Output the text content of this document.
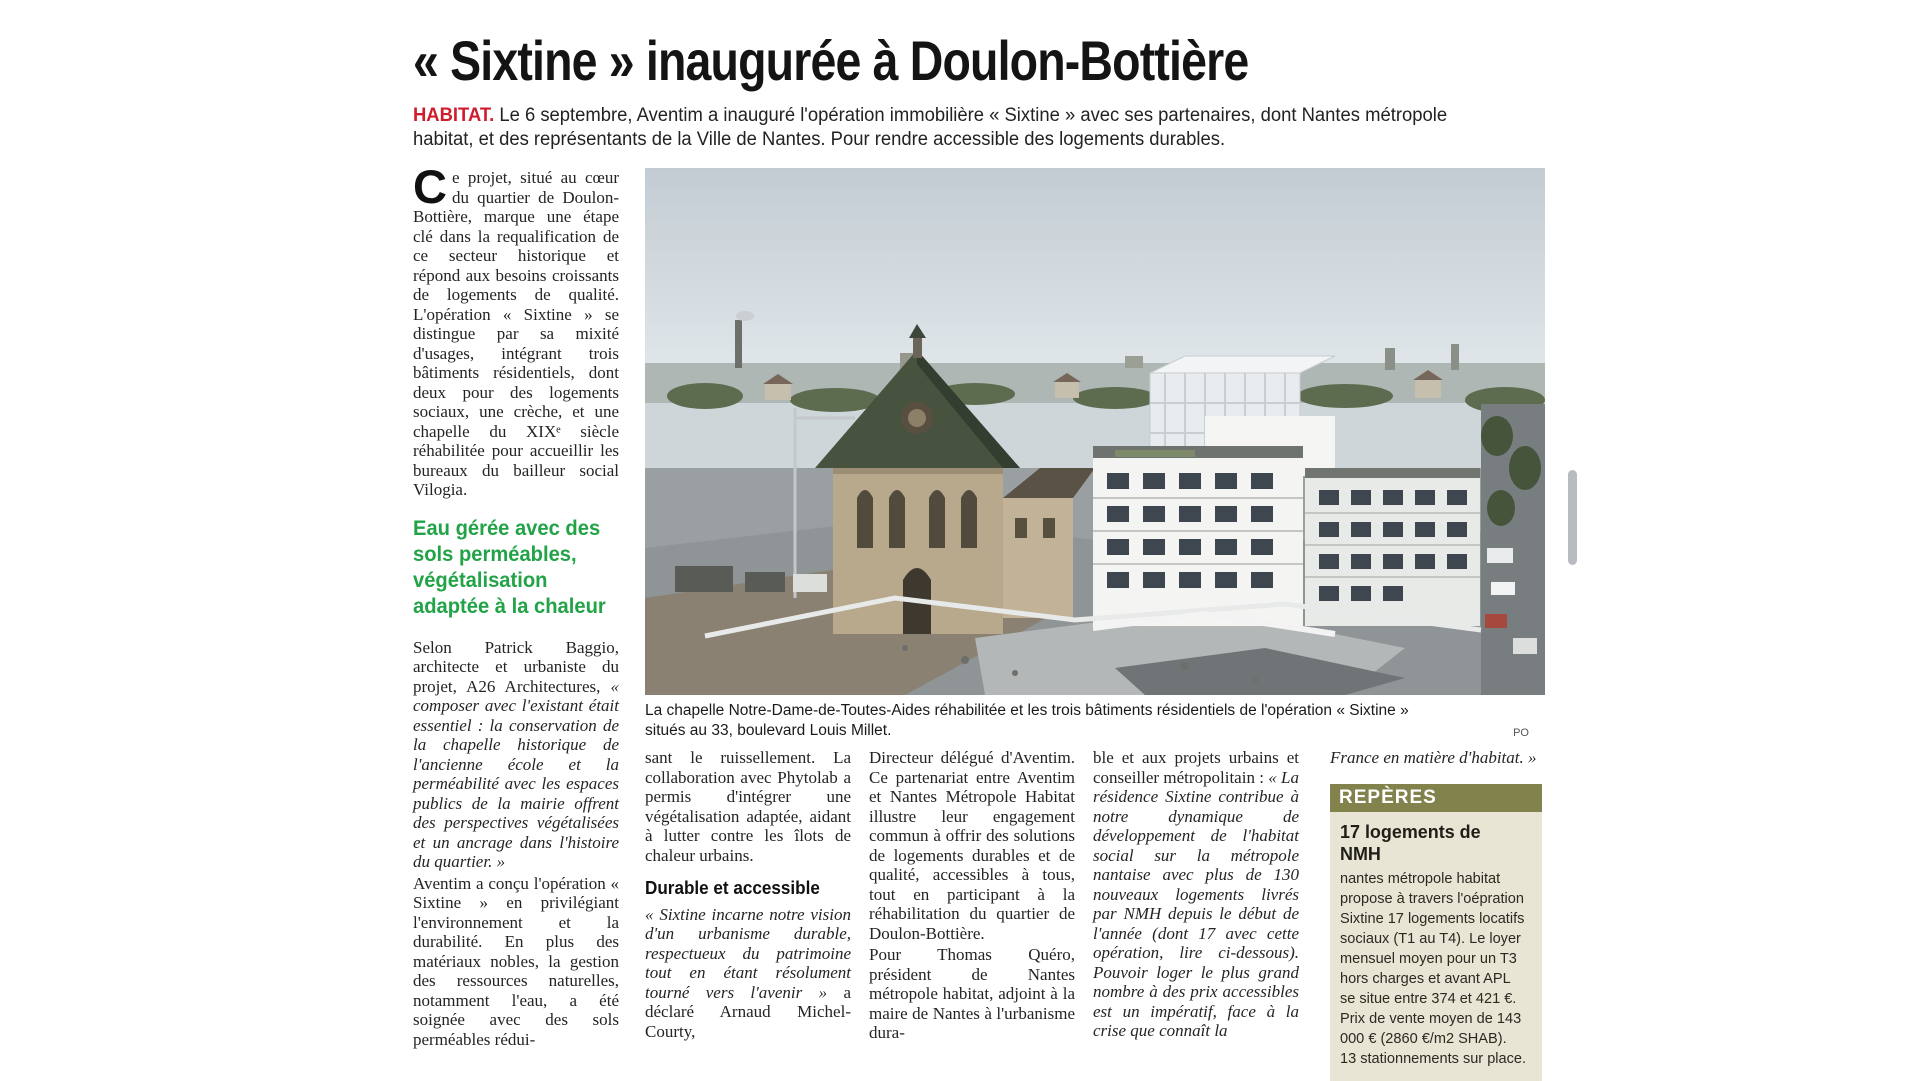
« Sixtine » inaugurée à Doulon-Bottière
HABITAT. Le 6 septembre, Aventim a inauguré l'opération immobilière « Sixtine » avec ses partenaires, dont Nantes métropole habitat, et des représentants de la Ville de Nantes. Pour rendre accessible des logements durables.

Ce projet, situé au cœur du quartier de Doulon-Bottière, marque une étape clé dans la requalification de ce secteur historique et répond aux besoins croissants de logements de qualité. L'opération « Sixtine » se distingue par sa mixité d'usages, intégrant trois bâtiments résidentiels, dont deux pour des logements sociaux, une crèche, et une chapelle du XIXᵉ siècle réhabilitée pour accueillir les bureaux du bailleur social Vilogia.

Eau gérée avec des sols perméables, végétalisation adaptée à la chaleur

Selon Patrick Baggio, architecte et urbaniste du projet, A26 Architectures, « composer avec l'existant était essentiel : la conservation de la chapelle historique de l'ancienne école et la perméabilité avec les espaces publics de la mairie offrent des perspectives végétalisées et un ancrage dans l'histoire du quartier. »

Aventim a conçu l'opération « Sixtine » en privilégiant l'environnement et la durabilité. En plus des matériaux nobles, la gestion des ressources naturelles, notamment l'eau, a été soignée avec des sols perméables rédui-

La chapelle Notre-Dame-de-Toutes-Aides réhabilitée et les trois bâtiments résidentiels de l'opération « Sixtine » situés au 33, boulevard Louis Millet.	PO

sant le ruissellement. La collaboration avec Phytolab a permis d'intégrer une végétalisation adaptée, aidant à lutter contre les îlots de chaleur urbains.

Durable et accessible

« Sixtine incarne notre vision d'un urbanisme durable, respectueux du patrimoine tout en étant résolument tourné vers l'avenir » a déclaré Arnaud Michel-Courty,

Directeur délégué d'Aventim. Ce partenariat entre Aventim et Nantes Métropole Habitat illustre leur engagement commun à offrir des solutions de logements durables et de qualité, accessibles à tous, tout en participant à la réhabilitation du quartier de Doulon-Bottière.

Pour Thomas Quéro, président de Nantes métropole habitat, adjoint à la maire de Nantes à l'urbanisme dura-

ble et aux projets urbains et conseiller métropolitain : « La résidence Sixtine contribue à notre dynamique de développement de l'habitat social sur la métropole nantaise avec plus de 130 nouveaux logements livrés par NMH depuis le début de l'année (dont 17 avec cette opération, lire ci-dessous). Pouvoir loger le plus grand nombre à des prix accessibles est un impératif, face à la crise que connaît la

France en matière d'habitat. »

REPÈRES

17 logements de NMH

nantes métropole habitat propose à travers l'oépration Sixtine 17 logements locatifs sociaux (T1 au T4). Le loyer mensuel moyen pour un T3 hors charges et avant APL se situe entre 374 et 421 €. Prix de vente moyen de 143 000 € (2860 €/m2 SHAB). 13 stationnements sur place.
